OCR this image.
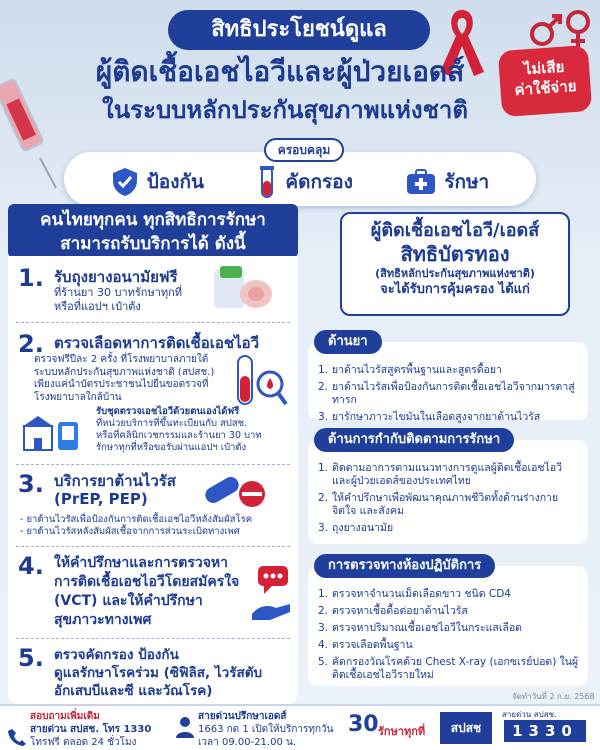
สิทธิประโยชน์ดูแล
ผู้ติดเชื้อเอชไอวีและผู้ป่วยเอดส์
ในระบบหลักประกันสุขภาพแห่งชาติ
ไม่เสีย
ค่าใช้จ่าย
ครอบคลุม
ป้องกัน	คัดกรอง	รักษา
คนไทยทุกคน ทุกสิทธิการรักษา
สามารถรับบริการได้ ดังนี้
1. รับถุงยางอนามัยฟรี
ที่ร้านยา 30 บาทรักษาทุกที่
หรือที่แอปฯ เป๋าตัง
2. ตรวจเลือดหาการติดเชื้อเอชไอวี
ตรวจฟรีปีละ 2 ครั้ง ที่โรงพยาบาลภายใต้
ระบบหลักประกันสุขภาพแห่งชาติ (สปสช.)
เพียงแค่นำบัตรประชาชนไปยื่นขอตรวจที่
โรงพยาบาลใกล้บ้าน
รับชุดตรวจเอชไอวีด้วยตนเองได้ฟรี
ที่หน่วยบริการที่ขึ้นทะเบียนกับ สปสช.
หรือที่คลินิกเวชกรรมและร้านยา 30 บาท
รักษาทุกที่หรือขอรับผ่านแอปฯ เป๋าตัง
3. บริการยาต้านไวรัส
(PrEP, PEP)
- ยาต้านไวรัสเพื่อป้องกันการติดเชื้อเอชไอวีหลังสัมผัสโรค
- ยาต้านไวรัสหลังสัมผัสเชื้อจากการส่วนระเบิดทางเพศ
4. ให้คำปรึกษาและการตรวจหา
การติดเชื้อเอชไอวีโดยสมัครใจ
(VCT) และให้คำปรึกษา
สุขภาวะทางเพศ
5. ตรวจคัดกรอง ป้องกัน
ดูแลรักษาโรคร่วม (ซิฟิลิส, ไวรัสตับ
อักเสบบีและซี และวัณโรค)
ผู้ติดเชื้อเอชไอวี/เอดส์
สิทธิบัตรทอง
(สิทธิหลักประกันสุขภาพแห่งชาติ)
จะได้รับการคุ้มครอง ได้แก่
ด้านยา
1. ยาต้านไวรัสสูตรพื้นฐานและสูตรดื้อยา
2. ยาต้านไวรัสเพื่อป้องกันการติดเชื้อเอชไอวีจากมารดาสู่ทารก
3. ยารักษาภาวะไขมันในเลือดสูงจากยาต้านไวรัส
ด้านการกำกับติดตามการรักษา
1. ติดตามอาการตามแนวทางการดูแลผู้ติดเชื้อเอชไอวีและผู้ป่วยเอดส์ของประเทศไทย
2. ให้คำปรึกษาเพื่อพัฒนาคุณภาพชีวิตทั้งด้านร่างกาย จิตใจ และสังคม
3. ถุงยางอนามัย
การตรวจทางห้องปฏิบัติการ
1. ตรวจหาจำนวนเม็ดเลือดขาว ชนิด CD4
2. ตรวจหาเชื้อดื้อต่อยาต้านไวรัส
3. ตรวจหาปริมาณเชื้อเอชไอวีในกระแสเลือด
4. ตรวจเลือดพื้นฐาน
5. คัดกรองวัณโรคด้วย Chest X-ray (เอกซเรย์ปอด) ในผู้ติดเชื้อเอชไอวีรายใหม่
จัดทำวันที่ 2 ก.ย. 2568
สอบถามเพิ่มเติม
สายด่วน สปสช. โทร 1330
โทรฟรี ตลอด 24 ชั่วโมง
สายด่วนปรึกษาเอดส์
1663 กด 1 เปิดให้บริการทุกวัน
เวลา 09.00-21.00 น.
30 รักษาทุกที่	สปสช
สายด่วน สปสช.
1330
